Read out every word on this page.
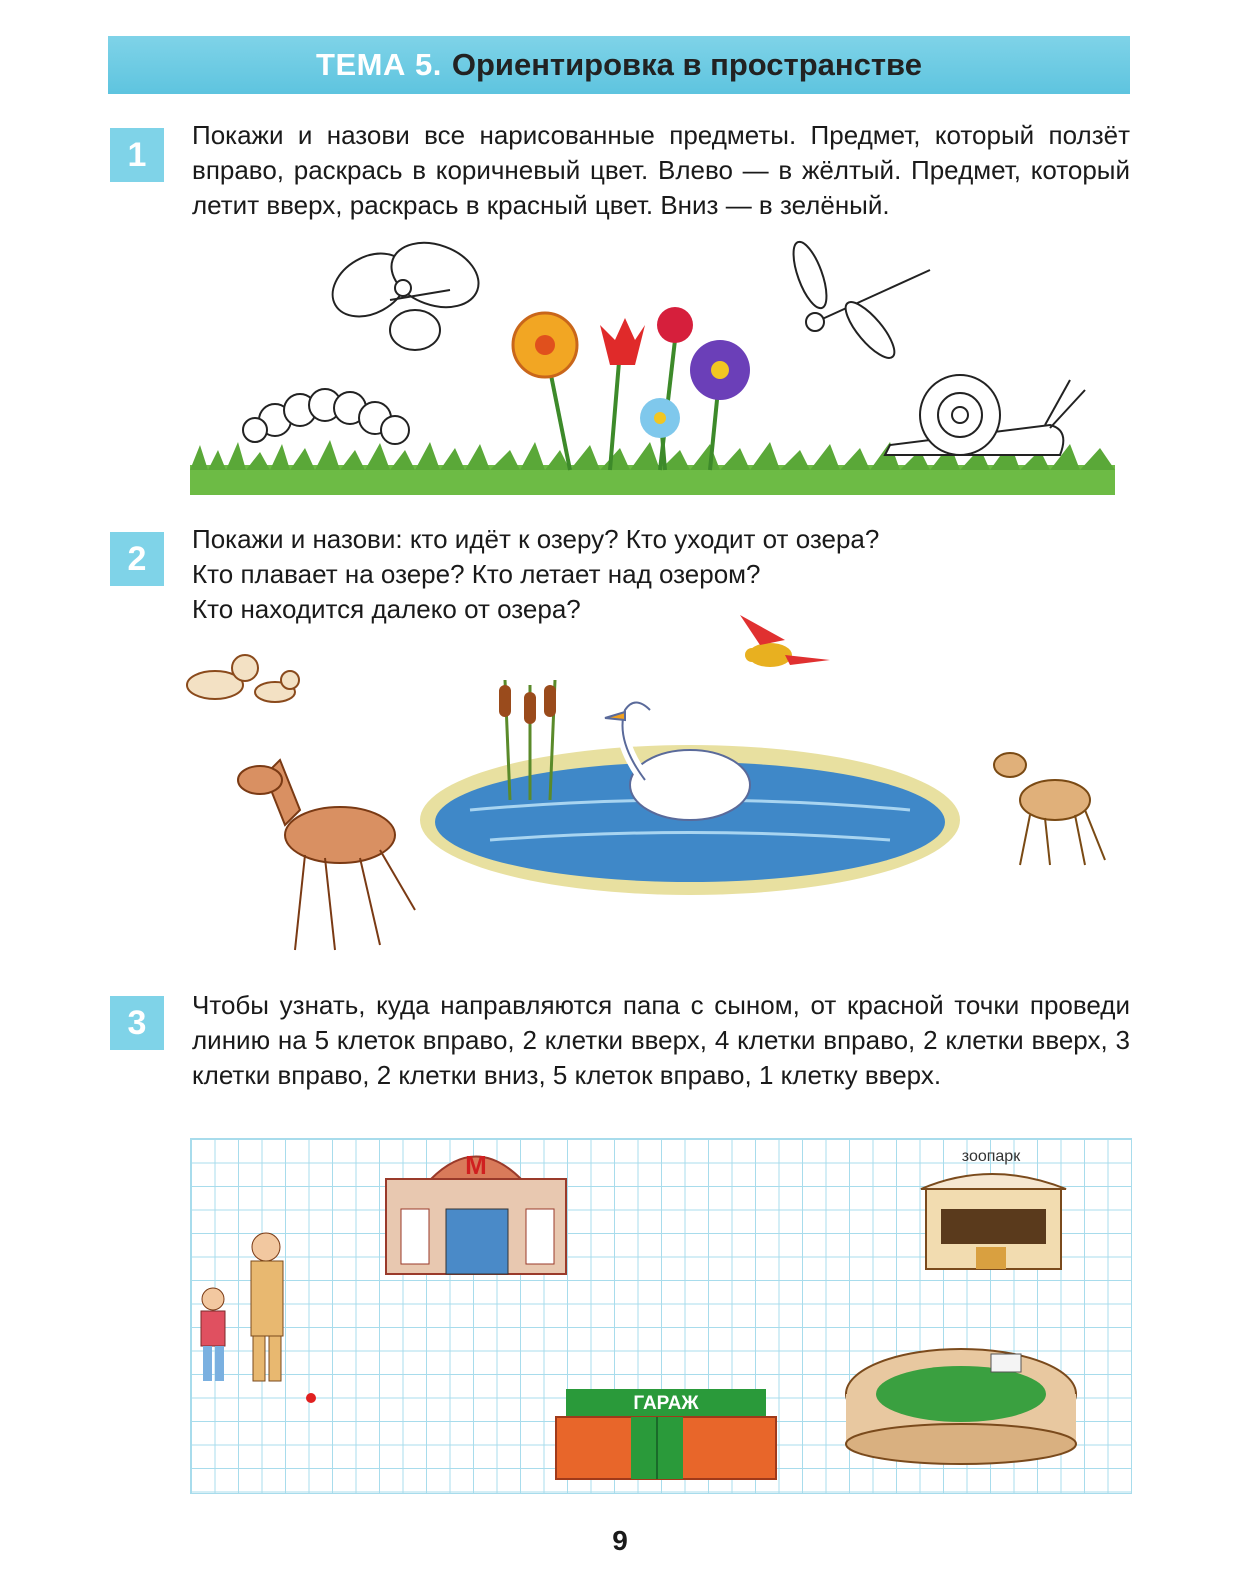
ТЕМА 5. Ориентировка в пространстве
1
Покажи и назови все нарисованные предметы. Предмет, который ползёт вправо, раскрась в коричневый цвет. Влево — в жёлтый. Предмет, который летит вверх, раскрась в красный цвет. Вниз — в зелёный.
2
Покажи и назови: кто идёт к озеру? Кто уходит от озера?
Кто плавает на озере? Кто летает над озером?
Кто находится далеко от озера?
3	Чтобы узнать, куда направляются папа с сыном, от красной точки проведи линию на 5 клеток вправо, 2 клетки вверх, 4 клетки вправо, 2 клетки вверх, 3 клетки вправо, 2 клетки вниз, 5 клеток вправо, 1 клетку вверх.
М	зоопарк
ГАРАЖ
9
